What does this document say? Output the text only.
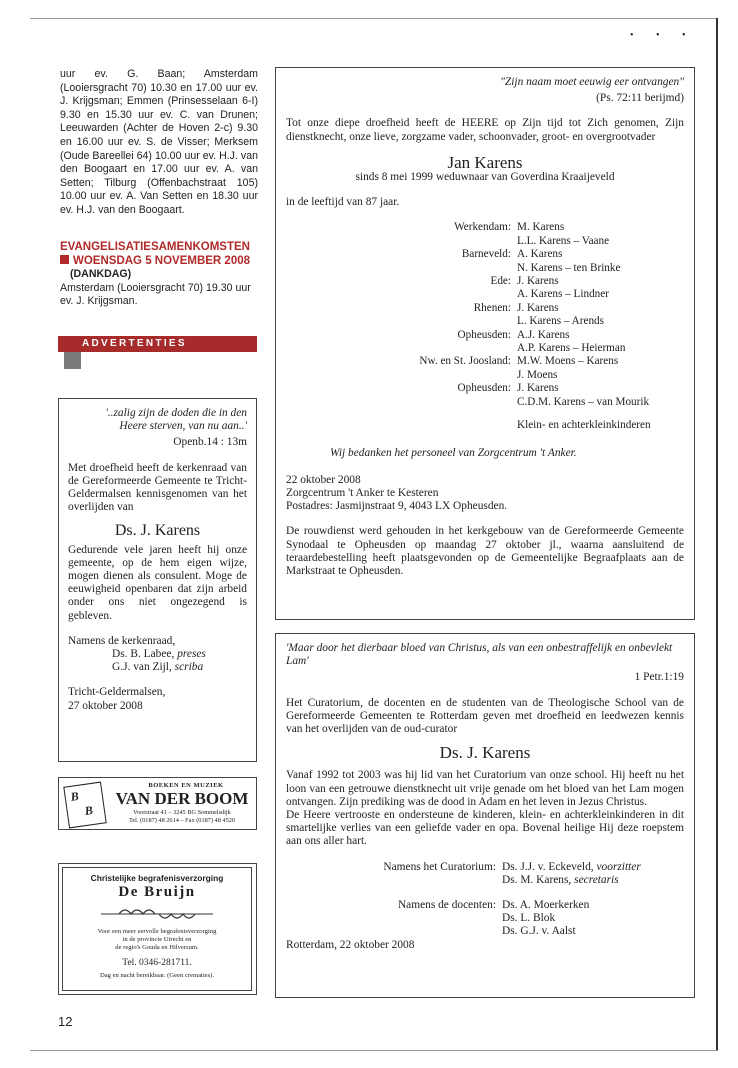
• • •

uur ev. G. Baan; Amsterdam (Looiersgracht 70) 10.30 en 17.00 uur ev. J. Krijgsman; Emmen (Prinsesselaan 6-I) 9.30 en 15.30 uur ev. C. van Drunen; Leeuwarden (Achter de Hoven 2-c) 9.30 en 16.00 uur ev. S. de Visser; Merksem (Oude Bareellei 64) 10.00 uur ev. H.J. van den Boogaart en 17.00 uur ev. A. van Setten; Tilburg (Offenbachstraat 105) 10.00 uur ev. A. Van Setten en 18.30 uur ev. H.J. van den Boogaart.

EVANGELISATIESAMENKOMSTEN
WOENSDAG 5 NOVEMBER 2008
(DANKDAG)

Amsterdam (Looiersgracht 70) 19.30 uur ev. J. Krijgsman.

ADVERTENTIES

'..zalig zijn de doden die in den

Heere sterven, van nu aan..'

Openb.14 : 13m

Met droefheid heeft de kerkenraad van de Gereformeerde Gemeente te Tricht-Geldermalsen kennisgenomen van het overlijden van

Ds. J. Karens

Gedurende vele jaren heeft hij onze gemeente, op de hem eigen wijze, mogen dienen als consulent. Moge de eeuwigheid openbaren dat zijn arbeid onder ons niet ongezegend is gebleven.

Namens de kerkenraad,

Ds. B. Labee, preses

G.J. van Zijl, scriba

Tricht-Geldermalsen,

27 oktober 2008

BOEKEN EN MUZIEK
VAN DER BOOM
Voorstraat 41 – 3245 BG Sommelsdijk
Tel. (0187) 48 2614 – Fax (0187) 48 4520
B
B
Christelijke begrafenisverzorging
De Bruijn
Voor een meer eervolle begrafenisverzorging
in de provincie Utrecht en
de regio's Gouda en Hilversum.
Tel. 0346-281711.
Dag en nacht bereikbaar. (Geen crematies).

"Zijn naam moet eeuwig eer ontvangen"

(Ps. 72:11 berijmd)

Tot onze diepe droefheid heeft de HEERE op Zijn tijd tot Zich genomen, Zijn dienstknecht, onze lieve, zorgzame vader, schoonvader, groot- en overgrootvader

Jan Karens

sinds 8 mei 1999 weduwnaar van Goverdina Kraaijeveld

in de leeftijd van 87 jaar.

Werkendam: M. Karens
L.L. Karens – Vaane
Barneveld: A. Karens
N. Karens – ten Brinke
Ede: J. Karens
A. Karens – Lindner
Rhenen: J. Karens
L. Karens – Arends
Opheusden: A.J. Karens
A.P. Karens – Heierman
Nw. en St. Joosland: M.W. Moens – Karens
J. Moens
Opheusden: J. Karens
C.D.M. Karens – van Mourik
Klein- en achterkleinkinderen

Wij bedanken het personeel van Zorgcentrum 't Anker.

22 oktober 2008

Zorgcentrum 't Anker te Kesteren

Postadres: Jasmijnstraat 9, 4043 LX Opheusden.

De rouwdienst werd gehouden in het kerkgebouw van de Gereformeerde Gemeente Synodaal te Opheusden op maandag 27 oktober jl., waarna aansluitend de teraardebestelling heeft plaatsgevonden op de Gemeentelijke Begraafplaats aan de Markstraat te Opheusden.

'Maar door het dierbaar bloed van Christus, als van een onbestraffelijk en onbevlekt Lam'

1 Petr.1:19

Het Curatorium, de docenten en de studenten van de Theologische School van de Gereformeerde Gemeenten te Rotterdam geven met droefheid en leedwezen kennis van het overlijden van de oud-curator

Ds. J. Karens

Vanaf 1992 tot 2003 was hij lid van het Curatorium van onze school. Hij heeft nu het loon van een getrouwe dienstknecht uit vrije genade om het bloed van het Lam mogen ontvangen. Zijn prediking was de dood in Adam en het leven in Jezus Christus.

De Heere vertrooste en ondersteune de kinderen, klein- en achterkleinkinderen in dit smartelijke verlies van een geliefde vader en opa. Bovenal heilige Hij deze roepstem aan ons aller hart.

Namens het Curatorium: Ds. J.J. v. Eckeveld, voorzitter
Ds. M. Karens, secretaris
Namens de docenten: Ds. A. Moerkerken
Ds. L. Blok
Ds. G.J. v. Aalst

Rotterdam, 22 oktober 2008

12
